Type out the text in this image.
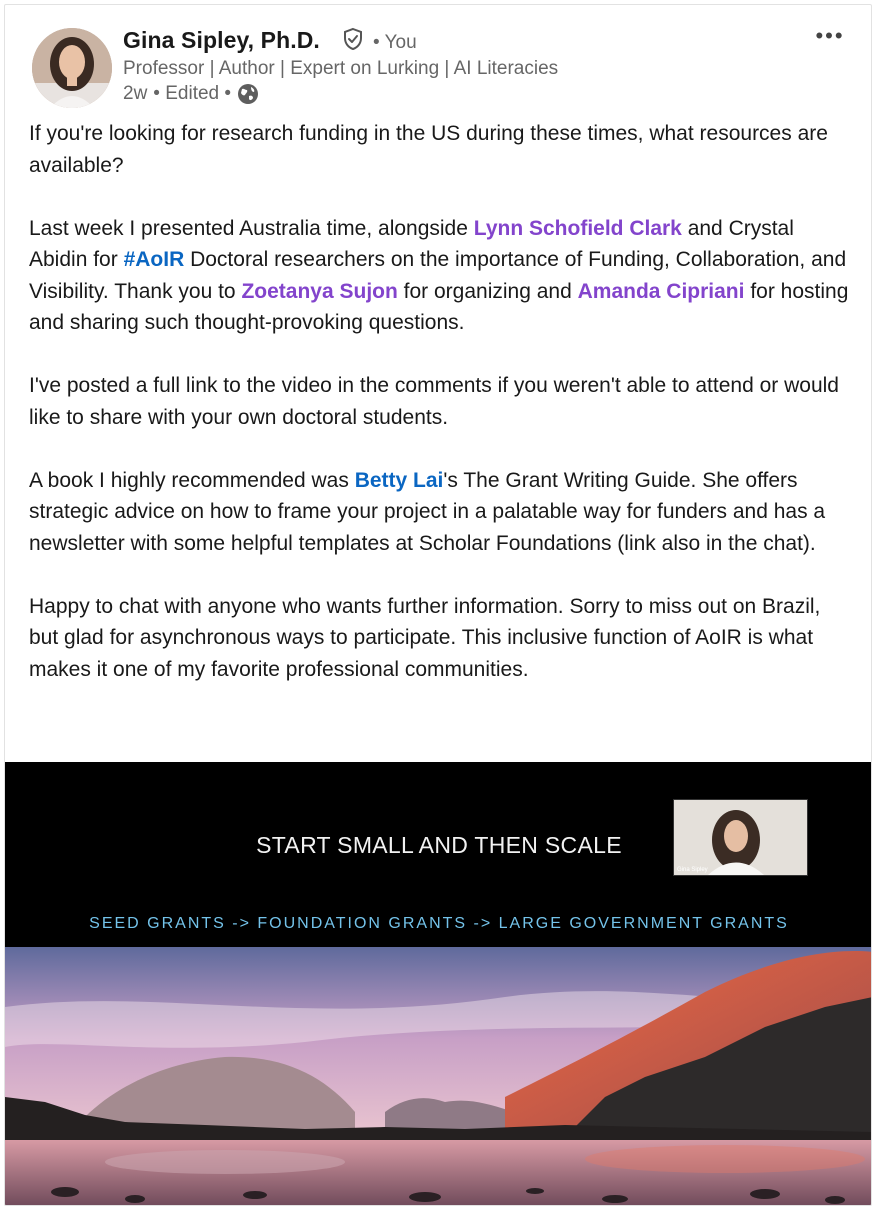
Gina Sipley, Ph.D.	• You
Professor | Author | Expert on Lurking | AI Literacies
2w • Edited •
•••

If you're looking for research funding in the US during these times, what resources are available?

Last week I presented Australia time, alongside Lynn Schofield Clark and Crystal Abidin for #AoIR Doctoral researchers on the importance of Funding, Collaboration, and Visibility. Thank you to Zoetanya Sujon for organizing and Amanda Cipriani for hosting and sharing such thought-provoking questions.

I've posted a full link to the video in the comments if you weren't able to attend or would like to share with your own doctoral students.

A book I highly recommended was Betty Lai's The Grant Writing Guide. She offers strategic advice on how to frame your project in a palatable way for funders and has a newsletter with some helpful templates at Scholar Foundations (link also in the chat).

Happy to chat with anyone who wants further information. Sorry to miss out on Brazil, but glad for asynchronous ways to participate. This inclusive function of AoIR is what makes it one of my favorite professional communities.

START SMALL AND THEN SCALE
Gina Sipley
SEED GRANTS -> FOUNDATION GRANTS -> LARGE GOVERNMENT GRANTS
